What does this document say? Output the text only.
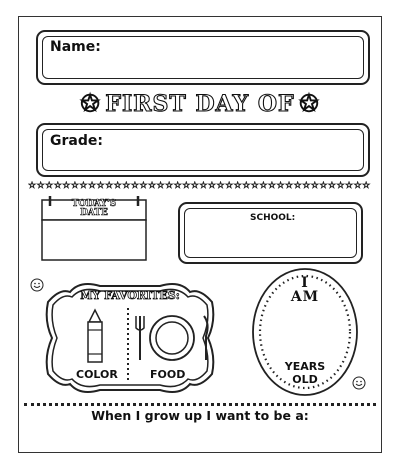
Name:
✪ FIRST DAY OF ✪
Grade:
☆☆☆☆☆☆☆☆☆☆☆☆☆☆☆☆☆☆☆☆☆☆☆☆☆☆☆☆☆☆☆☆☆☆☆☆☆☆☆☆
TODAY'S
DATE	SCHOOL:
MY FAVORITES:
COLOR	FOOD
I
AM
YEARS
OLD
When I grow up I want to be a:
